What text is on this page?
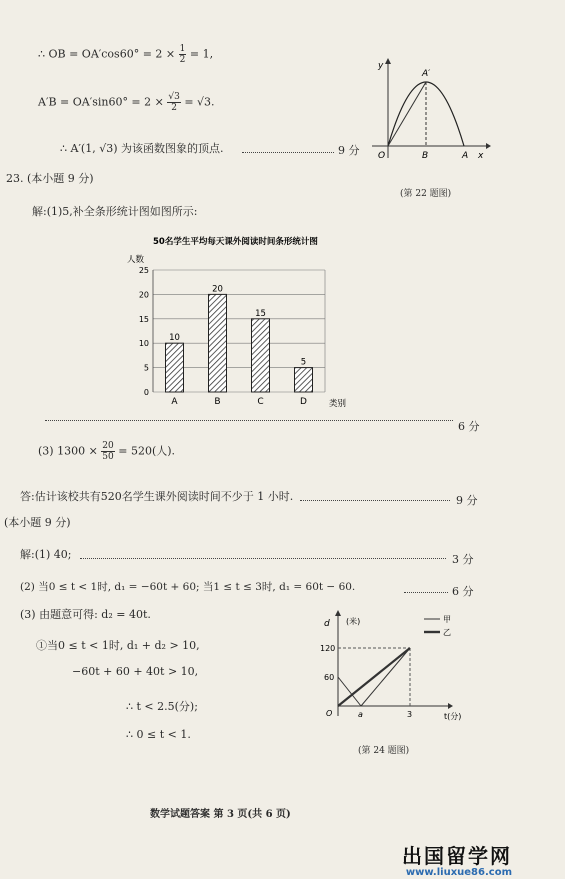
∴ OB = $OA'\cos 60^\circ = 2 \times \frac{1}{2} = 1$,
$A'B = OA'\sin 60^\circ = 2 \times \frac{√3}{2} = √3$.
∴ A′(1, √3) 为该函数图象的顶点.	9 分
y
A′
O	B	A x
(第 22 题图)
23. (本小题 9 分)
解:(1)5,补全条形统计图如图所示:
50名学生平均每天课外阅读时间条形统计图
人数
25
20
15
10
5
0
10
A
20
B
15
C
5
D	类别
6 分
(3) $1300 \times \frac{20}{50} = 520$(人).
答:估计该校共有520名学生课外阅读时间不少于 1 小时.	9 分
(本小题 9 分)
解:(1) 40;	3 分
(2) 当0 ≤ t < 1时, d₁ = −60t + 60; 当1 ≤ t ≤ 3时, d₁ = 60t − 60.	6 分
(3) 由题意可得: d₂ = 40t.
①当0 ≤ t < 1时, d₁ + d₂ > 10,
−60t + 60 + 40t > 10,
∴ t < 2.5(分);
∴ 0 ≤ t < 1.
甲
乙
d (米)
120
60
O	a	3	t(分)
(第 24 题图)
数学试题答案 第 3 页(共 6 页)
出国留学网
www.liuxue86.com
